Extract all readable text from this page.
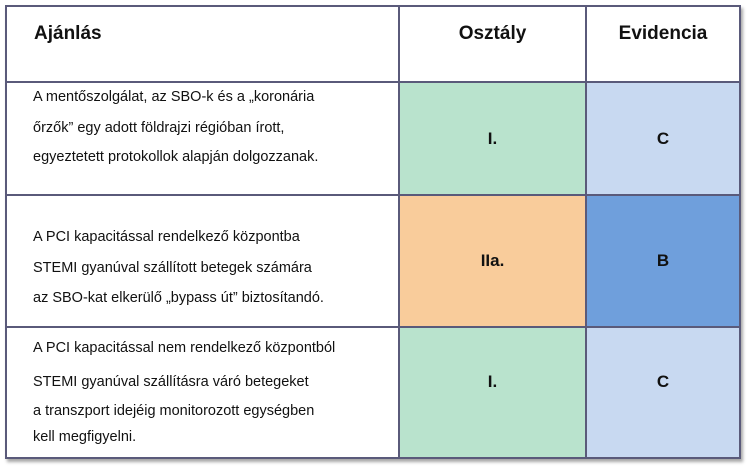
Ajánlás	Osztály	Evidencia
A mentőszolgálat, az SBO-k és a „koronária
őrzők” egy adott földrajzi régióban írott,
egyeztetett protokollok alapján dolgozzanak.
I.	C
A PCI kapacitással rendelkező központba
STEMI gyanúval szállított betegek számára
az SBO-kat elkerülő „bypass út” biztosítandó.
IIa.	B
A PCI kapacitással nem rendelkező központból
STEMI gyanúval szállításra váró betegeket
a transzport idejéig monitorozott egységben
kell megfigyelni.
I.	C
